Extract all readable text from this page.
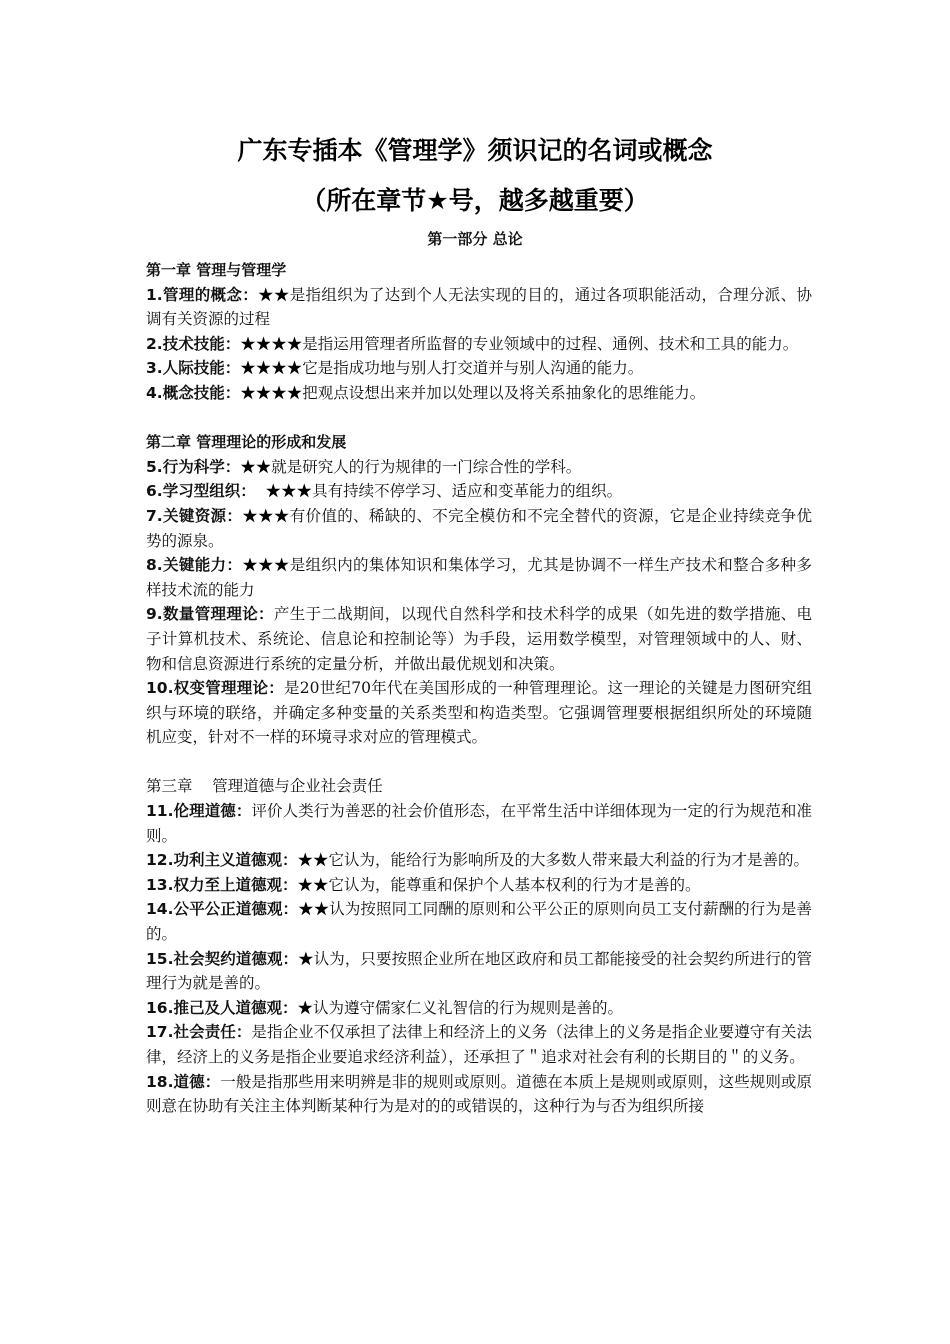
广东专插本《管理学》须识记的名词或概念
（所在章节★号，越多越重要）
第一部分 总论

第一章 管理与管理学

1.管理的概念：★★是指组织为了达到个人无法实现的目的，通过各项职能活动，合理分派、协调有关资源的过程

2.技术技能：★★★★是指运用管理者所监督的专业领域中的过程、通例、技术和工具的能力。

3.人际技能：★★★★它是指成功地与别人打交道并与别人沟通的能力。

4.概念技能：★★★★把观点设想出来并加以处理以及将关系抽象化的思维能力。

第二章 管理理论的形成和发展

5.行为科学：★★就是研究人的行为规律的一门综合性的学科。

6.学习型组织：  ★★★具有持续不停学习、适应和变革能力的组织。

7.关键资源：★★★有价值的、稀缺的、不完全模仿和不完全替代的资源，它是企业持续竞争优势的源泉。

8.关键能力：★★★是组织内的集体知识和集体学习，尤其是协调不一样生产技术和整合多种多样技术流的能力

9.数量管理理论：产生于二战期间，以现代自然科学和技术科学的成果（如先进的数学措施、电子计算机技术、系统论、信息论和控制论等）为手段，运用数学模型，对管理领域中的人、财、物和信息资源进行系统的定量分析，并做出最优规划和决策。

10.权变管理理论：是20世纪70年代在美国形成的一种管理理论。这一理论的关键是力图研究组织与环境的联络，并确定多种变量的关系类型和构造类型。它强调管理要根据组织所处的环境随机应变，针对不一样的环境寻求对应的管理模式。

第三章    管理道德与企业社会责任

11.伦理道德：评价人类行为善恶的社会价值形态，在平常生活中详细体现为一定的行为规范和准则。

12.功利主义道德观：★★它认为，能给行为影响所及的大多数人带来最大利益的行为才是善的。

13.权力至上道德观：★★它认为，能尊重和保护个人基本权利的行为才是善的。

14.公平公正道德观：★★认为按照同工同酬的原则和公平公正的原则向员工支付薪酬的行为是善的。

15.社会契约道德观：★认为，只要按照企业所在地区政府和员工都能接受的社会契约所进行的管理行为就是善的。

16.推己及人道德观：★认为遵守儒家仁义礼智信的行为规则是善的。

17.社会责任：是指企业不仅承担了法律上和经济上的义务（法律上的义务是指企业要遵守有关法律，经济上的义务是指企业要追求经济利益），还承担了＂追求对社会有利的长期目的＂的义务。

18.道德：一般是指那些用来明辨是非的规则或原则。道德在本质上是规则或原则，这些规则或原则意在协助有关注主体判断某种行为是对的的或错误的，这种行为与否为组织所接
